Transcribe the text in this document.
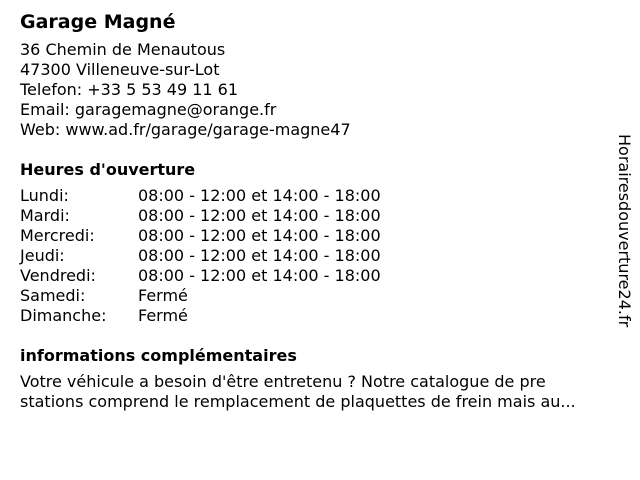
Garage Magné
36 Chemin de Menautous
47300 Villeneuve-sur-Lot
Telefon: +33 5 53 49 11 61
Email: garagemagne@orange.fr
Web: www.ad.fr/garage/garage-magne47
Heures d'ouverture
Lundi:	08:00 - 12:00 et 14:00 - 18:00
Mardi:	08:00 - 12:00 et 14:00 - 18:00
Mercredi:	08:00 - 12:00 et 14:00 - 18:00
Jeudi:	08:00 - 12:00 et 14:00 - 18:00
Vendredi:	08:00 - 12:00 et 14:00 - 18:00
Samedi:	Fermé
Dimanche:	Fermé
informations complémentaires
Votre véhicule a besoin d'être entretenu ? Notre catalogue de pre
stations comprend le remplacement de plaquettes de frein mais au...
Horairesdouverture24.fr
